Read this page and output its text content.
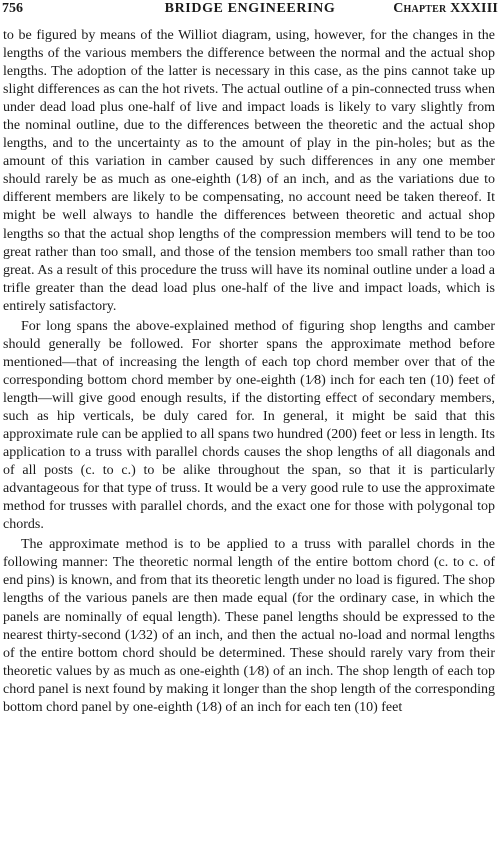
756	BRIDGE ENGINEERING	Chapter XXXIII

to be figured by means of the Williot diagram, using, however, for the changes in the lengths of the various members the difference between the normal and the actual shop lengths. The adoption of the latter is necessary in this case, as the pins cannot take up slight differences as can the hot rivets. The actual outline of a pin-connected truss when under dead load plus one-half of live and impact loads is likely to vary slightly from the nominal outline, due to the differences between the theoretic and the actual shop lengths, and to the uncertainty as to the amount of play in the pin-holes; but as the amount of this variation in camber caused by such differences in any one member should rarely be as much as one-eighth (1⁄8) of an inch, and as the variations due to different members are likely to be compensating, no account need be taken thereof. It might be well always to handle the differences between theoretic and actual shop lengths so that the actual shop lengths of the compression members will tend to be too great rather than too small, and those of the tension members too small rather than too great. As a result of this procedure the truss will have its nominal outline under a load a trifle greater than the dead load plus one-half of the live and impact loads, which is entirely satisfactory.

For long spans the above-explained method of figuring shop lengths and camber should generally be followed. For shorter spans the approximate method before mentioned—that of increasing the length of each top chord member over that of the corresponding bottom chord member by one-eighth (1⁄8) inch for each ten (10) feet of length—will give good enough results, if the distorting effect of secondary members, such as hip verticals, be duly cared for. In general, it might be said that this approximate rule can be applied to all spans two hundred (200) feet or less in length. Its application to a truss with parallel chords causes the shop lengths of all diagonals and of all posts (c. to c.) to be alike throughout the span, so that it is particularly advantageous for that type of truss. It would be a very good rule to use the approximate method for trusses with parallel chords, and the exact one for those with polygonal top chords.

The approximate method is to be applied to a truss with parallel chords in the following manner: The theoretic normal length of the entire bottom chord (c. to c. of end pins) is known, and from that its theoretic length under no load is figured. The shop lengths of the various panels are then made equal (for the ordinary case, in which the panels are nominally of equal length). These panel lengths should be expressed to the nearest thirty-second (1⁄32) of an inch, and then the actual no-load and normal lengths of the entire bottom chord should be determined. These should rarely vary from their theoretic values by as much as one-eighth (1⁄8) of an inch. The shop length of each top chord panel is next found by making it longer than the shop length of the corresponding bottom chord panel by one-eighth (1⁄8) of an inch for each ten (10) feet
